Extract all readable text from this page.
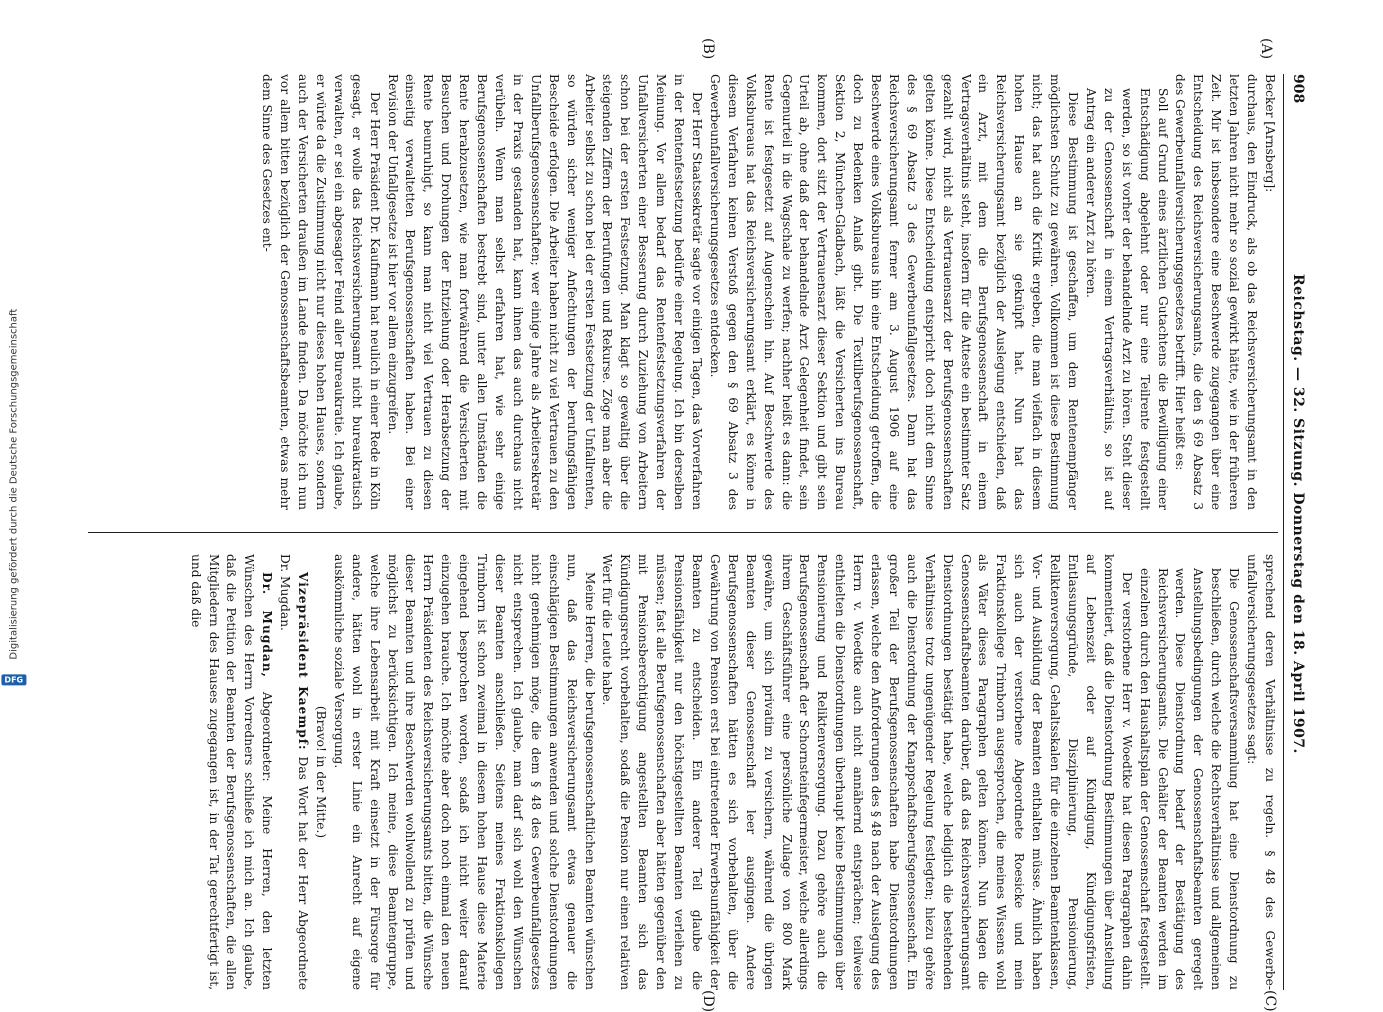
DFG
Digitalisierung gefördert durch die Deutsche Forschungsgemeinschaft
908
Reichstag. — 32. Sitzung. Donnerstag den 18. April 1907.
(A)
(B)
(C)
(D)

Becker [Arnsberg]:

durchaus, den Eindruck, als ob das Reichsversicherungsamt in den letzten Jahren nicht mehr so sozial gewirkt hätte, wie in der früheren Zeit. Mir ist insbesondere eine Beschwerde zugegangen über eine Entscheidung des Reichsversicherungsamts, die den § 69 Absatz 3 des Gewerbeunfallversicherungsgesetzes betrifft. Hier heißt es:

Soll auf Grund eines ärztlichen Gutachtens die Bewilligung einer Entschädigung abgelehnt oder nur eine Teilrente festgestellt werden, so ist vorher der behandelnde Arzt zu hören. Steht dieser zu der Genossenschaft in einem Vertragsverhältnis, so ist auf Antrag ein anderer Arzt zu hören.

Diese Bestimmung ist geschaffen, um dem Rentenempfänger möglichsten Schutz zu gewähren. Vollkommen ist diese Bestimmung nicht; das hat auch die Kritik ergeben, die man vielfach in diesem hohen Hause an sie geknüpft hat. Nun hat das Reichsversicherungsamt bezüglich der Auslegung entschieden, daß ein Arzt, mit dem die Berufsgenossenschaft in einem Vertragsverhältnis steht, insofern für die Atteste ein bestimmter Satz gezahlt wird, nicht als Vertrauensarzt der Berufsgenossenschaften gelten könne. Diese Entscheidung entspricht doch nicht dem Sinne des § 69 Absatz 3 des Gewerbeunfallgesetzes. Dann hat das Reichsversicherungsamt ferner am 3. August 1906 auf eine Beschwerde eines Volksbureaus hin eine Entscheidung getroffen, die doch zu Bedenken Anlaß gibt. Die Textilberufsgenossenschaft, Sektion 2, München-Gladbach, läßt die Versicherten ins Bureau kommen, dort sitzt der Vertrauensarzt dieser Sektion und gibt sein Urteil ab, ohne daß der behandelnde Arzt Gelegenheit findet, sein Gegenurteil in die Wagschale zu werfen; nachher heißt es dann: die Rente ist festgesetzt auf Augenschein hin. Auf Beschwerde des Volksbureaus hat das Reichsversicherungsamt erklärt, es könne in diesem Verfahren keinen Verstoß gegen den § 69 Absatz 3 des Gewerbeunfallversicherungsgesetzes entdecken.

Der Herr Staatssekretär sagte vor einigen Tagen, das Vorverfahren in der Rentenfestsetzung bedürfe einer Regelung. Ich bin derselben Meinung. Vor allem bedarf das Rentenfestsetzungsverfahren der Unfallversicherten einer Besserung durch Zuziehung von Arbeitern schon bei der ersten Festsetzung. Man klagt so gewaltig über die steigenden Ziffern der Berufungen und Rekurse. Zöge man aber die Arbeiter selbst zu schon bei der ersten Festsetzung der Unfallrenten, so würden sicher weniger Anfechtungen der berufungsfähigen Bescheide erfolgen. Die Arbeiter haben nicht zu viel Vertrauen zu den Unfallberufsgenossenschaften; wer einige Jahre als Arbeitersekretär in der Praxis gestanden hat, kann ihnen das auch durchaus nicht verübeln. Wenn man selbst erfahren hat, wie sehr einige Berufsgenossenschaften bestrebt sind, unter allen Umständen die Rente herabzusetzen, wie man fortwährend die Versicherten mit Besuchen und Drohungen der Entziehung oder Herabsetzung der Rente beunruhigt, so kann man nicht viel Vertrauen zu diesen einseitig verwaltetten Berufsgenossenschaften haben. Bei einer Revision der Unfallgesetze ist hier vor allem einzugreifen.

Der Herr Präsident Dr. Kaufmann hat neulich in einer Rede in Köln gesagt, er wolle das Reichsversicherungsamt nicht bureaukratisch verwalten, er sei ein abgesagter Feind aller Bureaukratie. Ich glaube, er würde da die Zustimmung nicht nur dieses hohen Hauses, sondern auch der Versicherten draußen im Lande finden. Da möchte ich nun vor allem bitten bezüglich der Genossenschaftsbeamten, etwas mehr dem Sinne des Gesetzes ent-

sprechend deren Verhältnisse zu regeln. § 48 des Gewerbe-unfallversicherungsgesetzes sagt:

Die Genossenschaftsversammlung hat eine Dienstordnung zu beschließen, durch welche die Rechtsverhältnisse und allgemeinen Anstellungsbedingungen der Genossenschaftsbeamten geregelt werden. Diese Dienstordnung bedarf der Bestätigung des Reichsversicherungsamts. Die Gehälter der Beamten werden im einzelnen durch den Haushaltsplan der Genossenschaft festgestellt.

Der verstorbene Herr v. Woedtke hat diesen Paragraphen dahin kommentiert, daß die Dienstordnung Bestimmungen über Anstellung auf Lebenszeit oder auf Kündigung, Kündigungsfristen, Entlassungsgründe, Disziplinierung, Pensionierung, Reliktenversorgung, Gehaltsskalen für die einzelnen Beamtenklassen, Vor- und Ausbildung der Beamten enthalten müsse. Ähnlich haben sich auch der verstorbene Abgeordnete Roesicke und mein Fraktionskollege Trimborn ausgesprochen, die meines Wissens wohl als Väter dieses Paragraphen gelten können. Nun klagen die Genossenschaftsbeamten darüber, daß das Reichsversicherungsamt Dienstordnungen bestätigt habe, welche lediglich die bestehenden Verhältnisse trotz ungenügender Regelung festlegten; hiezu gehöre auch die Dienstordnung der Knappschaftsberufsgenossenschaft. Ein großer Teil der Berufsgenossenschaften habe Dienstordnungen erlassen, welche den Anforderungen des § 48 nach der Auslegung des Herrn v. Woedtke auch nicht annähernd entsprächen; teilweise enthielten die Dienstordnungen überhaupt keine Bestimmungen über Pensionierung und Reliktenversorgung. Dazu gehöre auch die Berufsgenossenschaft der Schornsteinfegermeister, welche allerdings ihrem Geschäftsführer eine persönliche Zulage von 800 Mark gewähre, um sich privatim zu versichern, während die übrigen Beamten dieser Genossenschaft leer ausgingen. Andere Berufsgenossenschaften hätten es sich vorbehalten, über die Gewährung von Pension erst bei eintretender Erwerbsunfähigkeit der Beamten zu entscheiden. Ein anderer Teil glaube die Pensionsfähigkeit nur den höchstgestellten Beamten verleihen zu müssen; fast alle Berufsgenossenschaften aber hätten gegenüber den mit Pensionsberechtigung angestellten Beamten sich das Kündigungsrecht vorbehalten, sodaß die Pension nur einen relativen Wert für die Leute habe.

Meine Herren, die berufsgenossenschaftlichen Beamten wünschen nun, daß das Reichsversicherungsamt etwas genauer die einschlägigen Bestimmungen anwenden und solche Dienstordnungen nicht genehmigen möge, die dem § 48 des Gewerbeunfallgesetzes nicht entsprechen. Ich glaube, man darf sich wohl den Wünschen dieser Beamten anschließen. Seitens meines Fraktionskollegen Trimborn ist schon zweimal in diesem hohen Hause diese Materie eingehend besprochen worden, sodaß ich nicht weiter darauf einzugehen brauche. Ich möchte aber doch noch einmal den neuen Herrn Präsidenten des Reichsversicherungsamts bitten, die Wünsche dieser Beamten und ihre Beschwerden wohlwollend zu prüfen und möglichst zu berücksichtigen. Ich meine, diese Beamtengruppe, welche ihre Lebensarbeit mit Kraft einsetzt in der Fürsorge für andere, hätten wohl in erster Linie ein Anrecht auf eigene auskömmliche soziale Versorgung.

(Bravo! in der Mitte.)

Vizepräsident Kaempf: Das Wort hat der Herr Abgeordnete Dr. Mugdan.

Dr. Mugdan, Abgeordneter: Meine Herren, den letzten Wünschen des Herrn Vorredners schließe ich mich an. Ich glaube, daß die Petition der Beamten der Berufsgenossenschaften, die allen Mitgliedern des Hauses zugegangen ist, in der Tat gerechtfertigt ist, und daß die
